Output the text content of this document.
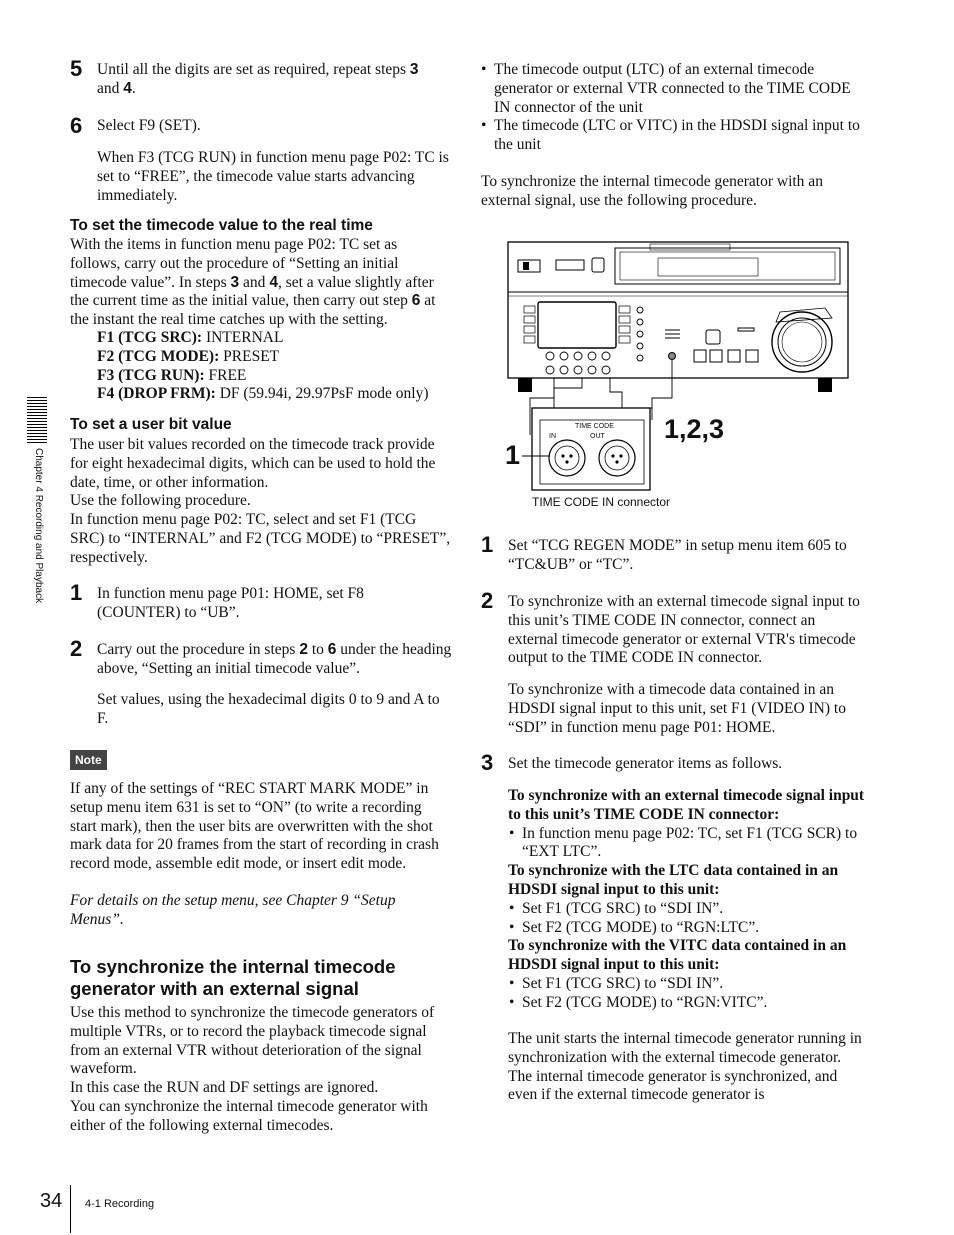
Chapter 4 Recording and Playback
5 Until all the digits are set as required, repeat steps 3
and 4.

6 Select F9 (SET).

When F3 (TCG RUN) in function menu page P02: TC is set to “FREE”, the timecode value starts advancing immediately.

To set the timecode value to the real time

With the items in function menu page P02: TC set as follows, carry out the procedure of “Setting an initial timecode value”. In steps 3 and 4, set a value slightly after the current time as the initial value, then carry out step 6 at the instant the real time catches up with the setting.

F1 (TCG SRC): INTERNAL
F2 (TCG MODE): PRESET
F3 (TCG RUN): FREE
F4 (DROP FRM): DF (59.94i, 29.97PsF mode only)
To set a user bit value

The user bit values recorded on the timecode track provide for eight hexadecimal digits, which can be used to hold the date, time, or other information.

Use the following procedure.

In function menu page P02: TC, select and set F1 (TCG SRC) to “INTERNAL” and F2 (TCG MODE) to “PRESET”, respectively.

1 In function menu page P01: HOME, set F8 (COUNTER) to “UB”.

2 Carry out the procedure in steps 2 to 6 under the heading above, “Setting an initial timecode value”.

Set values, using the hexadecimal digits 0 to 9 and A to F.

Note

If any of the settings of “REC START MARK MODE” in setup menu item 631 is set to “ON” (to write a recording start mark), then the user bits are overwritten with the shot mark data for 20 frames from the start of recording in crash record mode, assemble edit mode, or insert edit mode.

For details on the setup menu, see Chapter 9 “Setup Menus”.

To synchronize the internal timecode generator with an external signal

Use this method to synchronize the timecode generators of multiple VTRs, or to record the playback timecode signal from an external VTR without deterioration of the signal waveform.

In this case the RUN and DF settings are ignored.

You can synchronize the internal timecode generator with either of the following external timecodes.

• The timecode output (LTC) of an external timecode generator or external VTR connected to the TIME CODE IN connector of the unit
• The timecode (LTC or VITC) in the HDSDI signal input to the unit

To synchronize the internal timecode generator with an external signal, use the following procedure.

TIME CODE
IN	OUT 1,2,3
1
TIME CODE IN connector
1 Set “TCG REGEN MODE” in setup menu item 605 to “TC&UB” or “TC”.

2 To synchronize with an external timecode signal input to this unit’s TIME CODE IN connector, connect an external timecode generator or external VTR's timecode output to the TIME CODE IN connector.

To synchronize with a timecode data contained in an HDSDI signal input to this unit, set F1 (VIDEO IN) to “SDI” in function menu page P01: HOME.

3 Set the timecode generator items as follows.

To synchronize with an external timecode signal input to this unit’s TIME CODE IN connector:

• In function menu page P02: TC, set F1 (TCG SCR) to “EXT LTC”.

To synchronize with the LTC data contained in an HDSDI signal input to this unit:

• Set F1 (TCG SRC) to “SDI IN”.
• Set F2 (TCG MODE) to “RGN:LTC”.

To synchronize with the VITC data contained in an HDSDI signal input to this unit:

• Set F1 (TCG SRC) to “SDI IN”.
• Set F2 (TCG MODE) to “RGN:VITC”.

The unit starts the internal timecode generator running in synchronization with the external timecode generator.

The internal timecode generator is synchronized, and even if the external timecode generator is

34 4-1 Recording
